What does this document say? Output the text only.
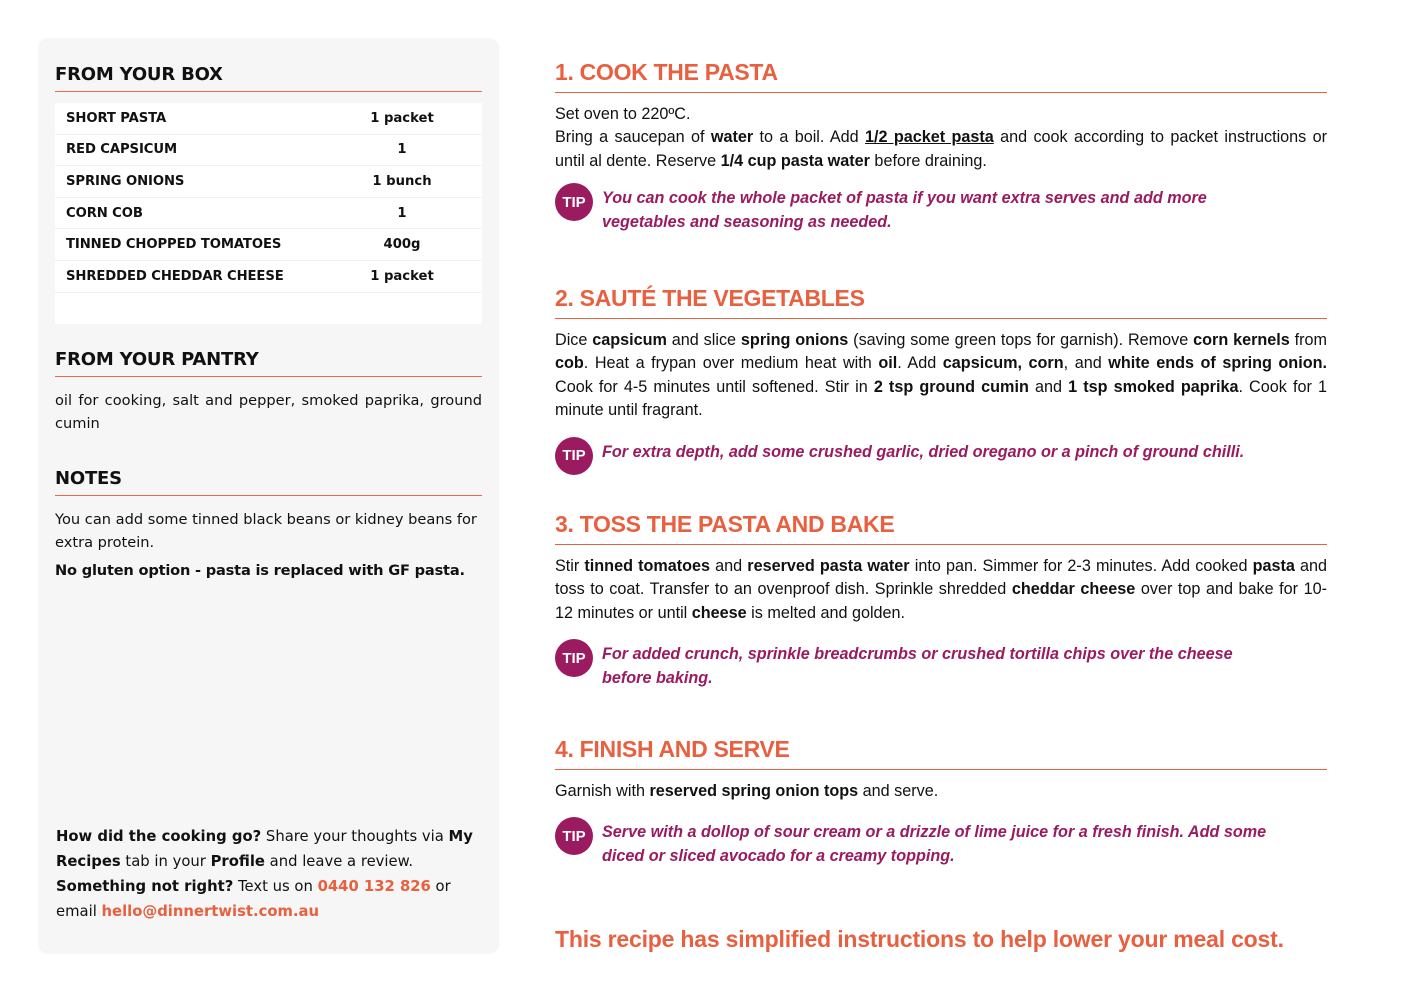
FROM YOUR BOX
SHORT PASTA	1 packet
RED CAPSICUM	1
SPRING ONIONS	1 bunch
CORN COB	1
TINNED CHOPPED TOMATOES	400g
SHREDDED CHEDDAR CHEESE	1 packet
FROM YOUR PANTRY
oil for cooking, salt and pepper, smoked paprika, ground cumin
NOTES
You can add some tinned black beans or kidney beans for extra protein.
No gluten option - pasta is replaced with GF pasta.
How did the cooking go? Share your thoughts via My Recipes tab in your Profile and leave a review.
Something not right? Text us on 0440 132 826 or email hello@dinnertwist.com.au
1. COOK THE PASTA
Set oven to 220ºC.
Bring a saucepan of water to a boil. Add 1/2 packet pasta and cook according to packet instructions or until al dente. Reserve 1/4 cup pasta water before draining.
TIP	You can cook the whole packet of pasta if you want extra serves and add more vegetables and seasoning as needed.
2. SAUTÉ THE VEGETABLES
Dice capsicum and slice spring onions (saving some green tops for garnish). Remove corn kernels from cob. Heat a frypan over medium heat with oil. Add capsicum, corn, and white ends of spring onion. Cook for 4-5 minutes until softened. Stir in 2 tsp ground cumin and 1 tsp smoked paprika. Cook for 1 minute until fragrant.
TIP	For extra depth, add some crushed garlic, dried oregano or a pinch of ground chilli.
3. TOSS THE PASTA AND BAKE
Stir tinned tomatoes and reserved pasta water into pan. Simmer for 2-3 minutes. Add cooked pasta and toss to coat. Transfer to an ovenproof dish. Sprinkle shredded cheddar cheese over top and bake for 10-12 minutes or until cheese is melted and golden.
TIP	For added crunch, sprinkle breadcrumbs or crushed tortilla chips over the cheese before baking.
4. FINISH AND SERVE
Garnish with reserved spring onion tops and serve.
TIP	Serve with a dollop of sour cream or a drizzle of lime juice for a fresh finish. Add some diced or sliced avocado for a creamy topping.
This recipe has simplified instructions to help lower your meal cost.
